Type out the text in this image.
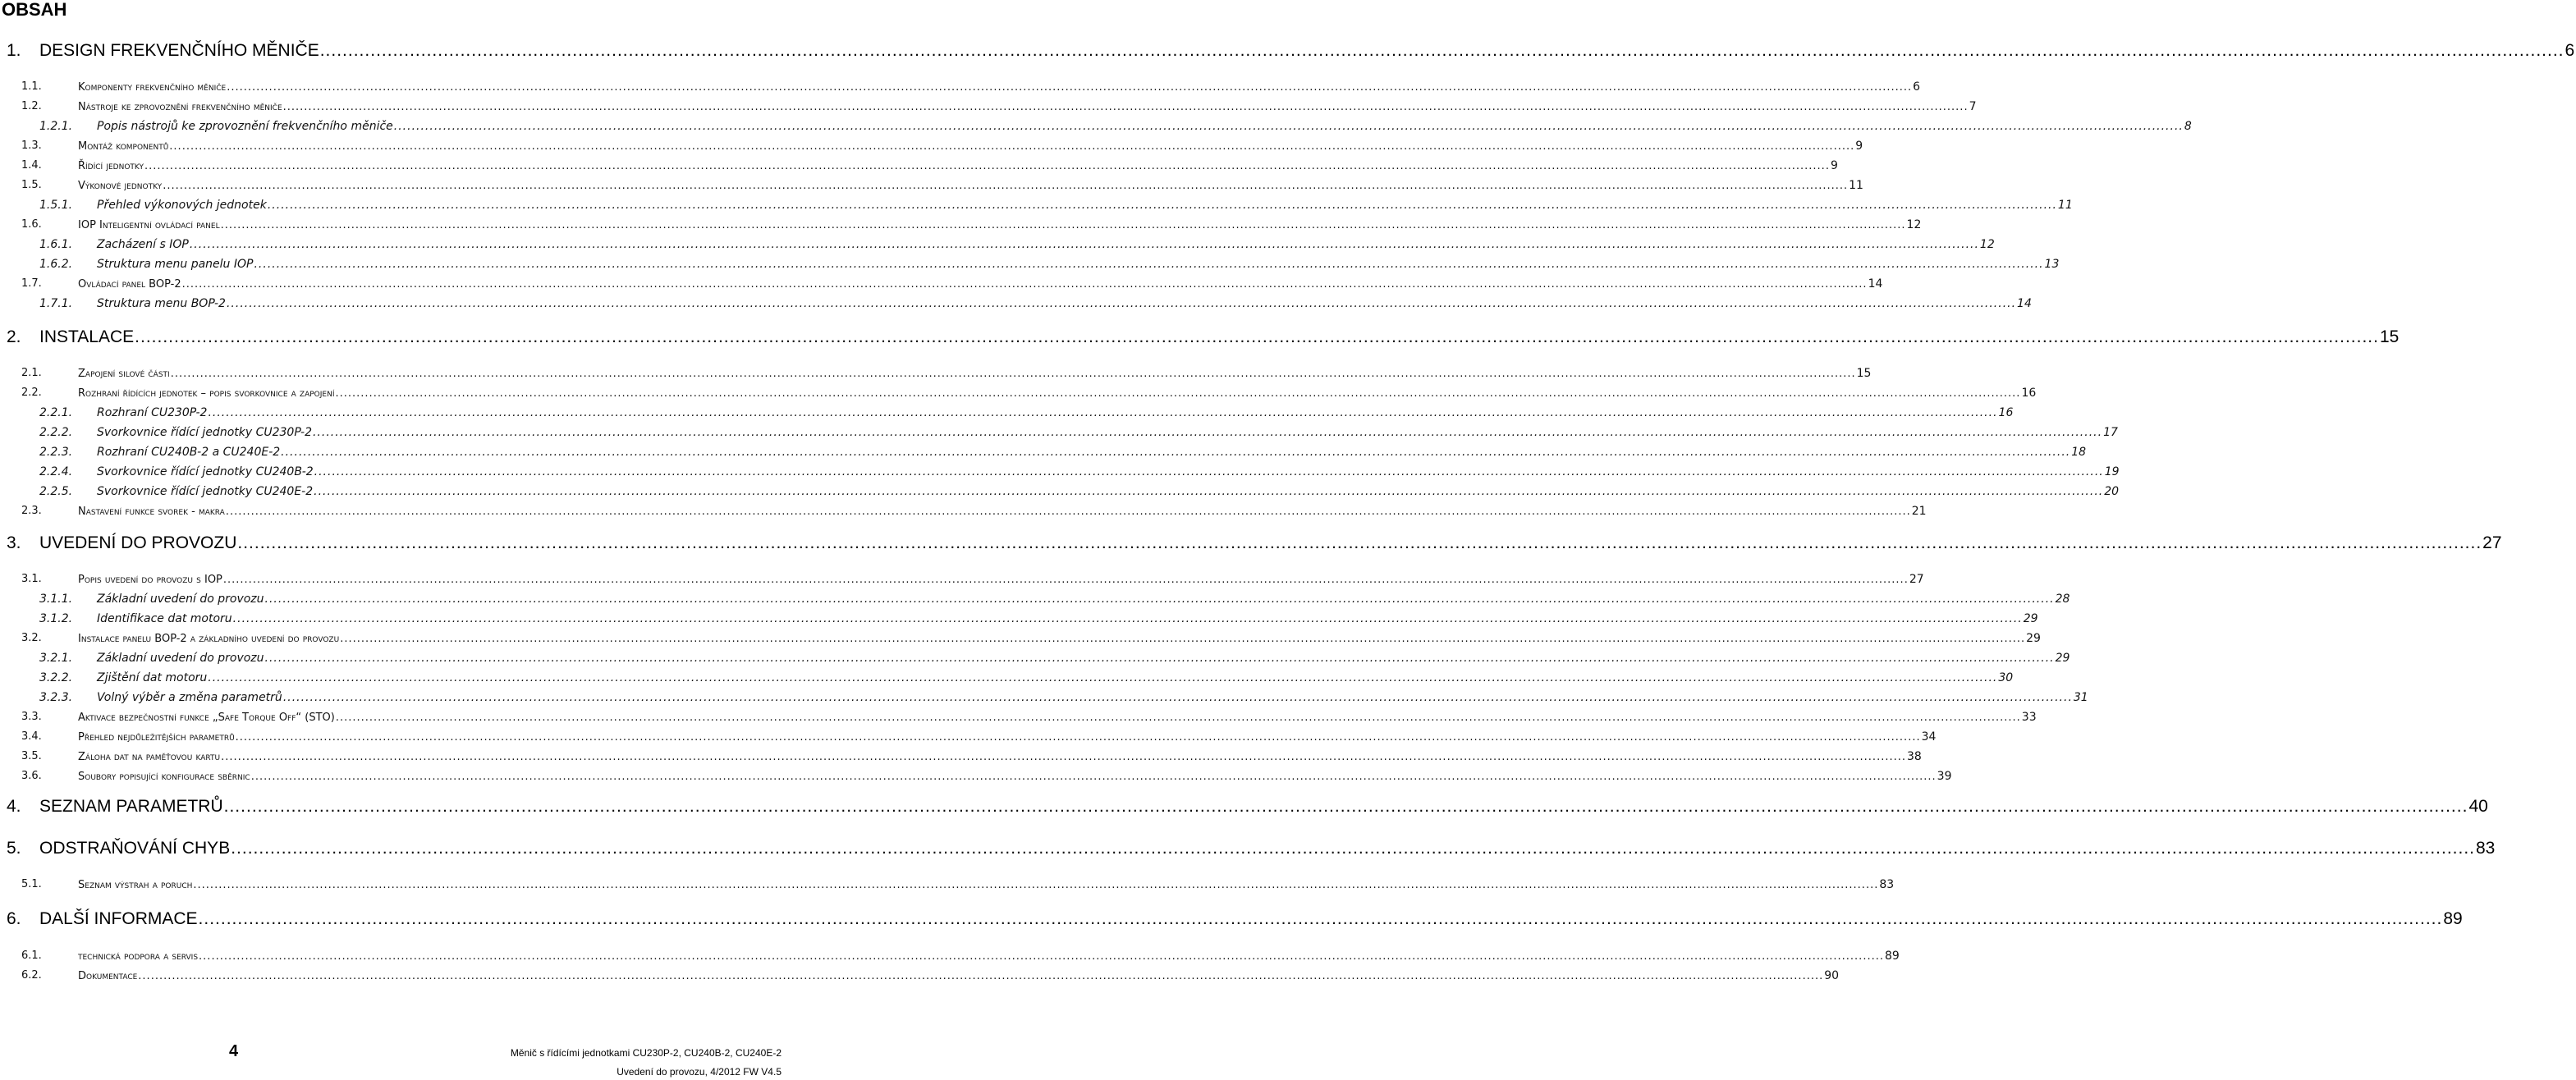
OBSAH
1. DESIGN FREKVENČNÍHO MĚNIČE ................................................................................................................................................................................................................................................................................................................................................................................................................ 6
1.1.	Komponenty frekvenčního měniče ................................................................................................................................................................................................................................................................................................................................................................................................................ 6
1.2.	Nástroje ke zprovoznění frekvenčního měniče ................................................................................................................................................................................................................................................................................................................................................................................................................ 7
1.2.1. Popis nástrojů ke zprovoznění frekvenčního měniče ................................................................................................................................................................................................................................................................................................................................................................................................................ 8
1.3.	Montáž komponentů ................................................................................................................................................................................................................................................................................................................................................................................................................ 9
1.4.	Řídící jednotky ................................................................................................................................................................................................................................................................................................................................................................................................................ 9
1.5.	Výkonové jednotky ................................................................................................................................................................................................................................................................................................................................................................................................................ 11
1.5.1. Přehled výkonových jednotek ................................................................................................................................................................................................................................................................................................................................................................................................................ 11
1.6.	IOP Inteligentní ovládací panel ................................................................................................................................................................................................................................................................................................................................................................................................................ 12
1.6.1. Zacházení s IOP ................................................................................................................................................................................................................................................................................................................................................................................................................ 12
1.6.2. Struktura menu panelu IOP ................................................................................................................................................................................................................................................................................................................................................................................................................ 13
1.7.	Ovládací panel BOP-2 ................................................................................................................................................................................................................................................................................................................................................................................................................ 14
1.7.1. Struktura menu BOP-2 ................................................................................................................................................................................................................................................................................................................................................................................................................ 14
2. INSTALACE ................................................................................................................................................................................................................................................................................................................................................................................................................ 15
2.1.	Zapojení silové části ................................................................................................................................................................................................................................................................................................................................................................................................................ 15
2.2.	Rozhraní řídících jednotek – popis svorkovnice a zapojení ................................................................................................................................................................................................................................................................................................................................................................................................................ 16
2.2.1. Rozhraní CU230P-2 ................................................................................................................................................................................................................................................................................................................................................................................................................ 16
2.2.2. Svorkovnice řídící jednotky CU230P-2 ................................................................................................................................................................................................................................................................................................................................................................................................................ 17
2.2.3. Rozhraní CU240B-2 a CU240E-2 ................................................................................................................................................................................................................................................................................................................................................................................................................ 18
2.2.4. Svorkovnice řídící jednotky CU240B-2 ................................................................................................................................................................................................................................................................................................................................................................................................................ 19
2.2.5. Svorkovnice řídící jednotky CU240E-2 ................................................................................................................................................................................................................................................................................................................................................................................................................ 20
2.3.	Nastavení funkce svorek - makra ................................................................................................................................................................................................................................................................................................................................................................................................................ 21
3. UVEDENÍ DO PROVOZU ................................................................................................................................................................................................................................................................................................................................................................................................................ 27
3.1.	Popis uvedení do provozu s IOP ................................................................................................................................................................................................................................................................................................................................................................................................................ 27
3.1.1. Základní uvedení do provozu ................................................................................................................................................................................................................................................................................................................................................................................................................ 28
3.1.2. Identifikace dat motoru ................................................................................................................................................................................................................................................................................................................................................................................................................ 29
3.2.	Instalace panelu BOP-2 a základního uvedení do provozu ................................................................................................................................................................................................................................................................................................................................................................................................................ 29
3.2.1. Základní uvedení do provozu ................................................................................................................................................................................................................................................................................................................................................................................................................ 29
3.2.2. Zjištění dat motoru ................................................................................................................................................................................................................................................................................................................................................................................................................ 30
3.2.3. Volný výběr a změna parametrů ................................................................................................................................................................................................................................................................................................................................................................................................................ 31
3.3.	Aktivace bezpečnostní funkce „Safe Torque Off“ (STO) ................................................................................................................................................................................................................................................................................................................................................................................................................ 33
3.4.	Přehled nejdůležitějších parametrů ................................................................................................................................................................................................................................................................................................................................................................................................................ 34
3.5.	Záloha dat na paměťovou kartu ................................................................................................................................................................................................................................................................................................................................................................................................................ 38
3.6.	Soubory popisující konfigurace sběrnic ................................................................................................................................................................................................................................................................................................................................................................................................................ 39
4. SEZNAM PARAMETRŮ ................................................................................................................................................................................................................................................................................................................................................................................................................ 40
5. ODSTRAŇOVÁNÍ CHYB ................................................................................................................................................................................................................................................................................................................................................................................................................ 83
5.1.	Seznam výstrah a poruch ................................................................................................................................................................................................................................................................................................................................................................................................................ 83
6. DALŠÍ INFORMACE ................................................................................................................................................................................................................................................................................................................................................................................................................ 89
6.1.	technická podpora a servis ................................................................................................................................................................................................................................................................................................................................................................................................................ 89
6.2.	Dokumentace ................................................................................................................................................................................................................................................................................................................................................................................................................ 90
4	Měnič s řídícími jednotkami CU230P-2, CU240B-2, CU240E-2
Uvedení do provozu, 4/2012 FW V4.5
